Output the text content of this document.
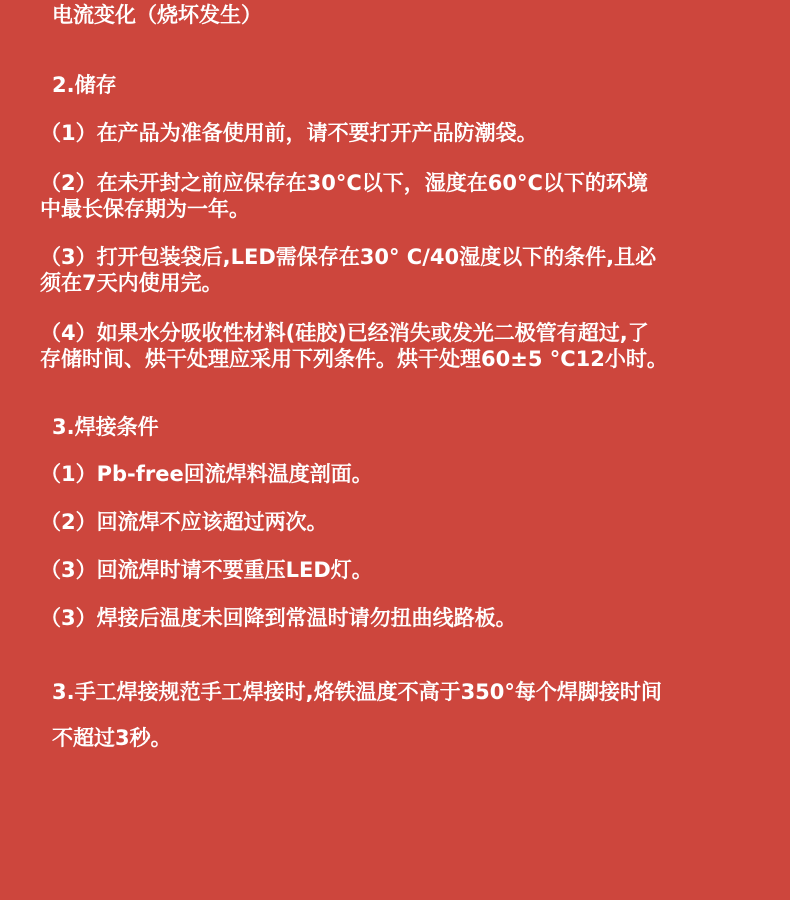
电流变化（烧坏发生）
2.储存
（1）在产品为准备使用前，请不要打开产品防潮袋。
（2）在未开封之前应保存在30°C以下，湿度在60°C以下的环境
中最长保存期为一年。
（3）打开包装袋后,LED需保存在30° C/40湿度以下的条件,且必
须在7天内使用完。
（4）如果水分吸收性材料(硅胶)已经消失或发光二极管有超过,了
存储时间、烘干处理应采用下列条件。烘干处理60±5 °C12小时。
3.焊接条件
（1）Pb-free回流焊料温度剖面。
（2）回流焊不应该超过两次。
（3）回流焊时请不要重压LED灯。
（3）焊接后温度未回降到常温时请勿扭曲线路板。
3.手工焊接规范手工焊接时,烙铁温度不高于350°每个焊脚接时间
不超过3秒。
